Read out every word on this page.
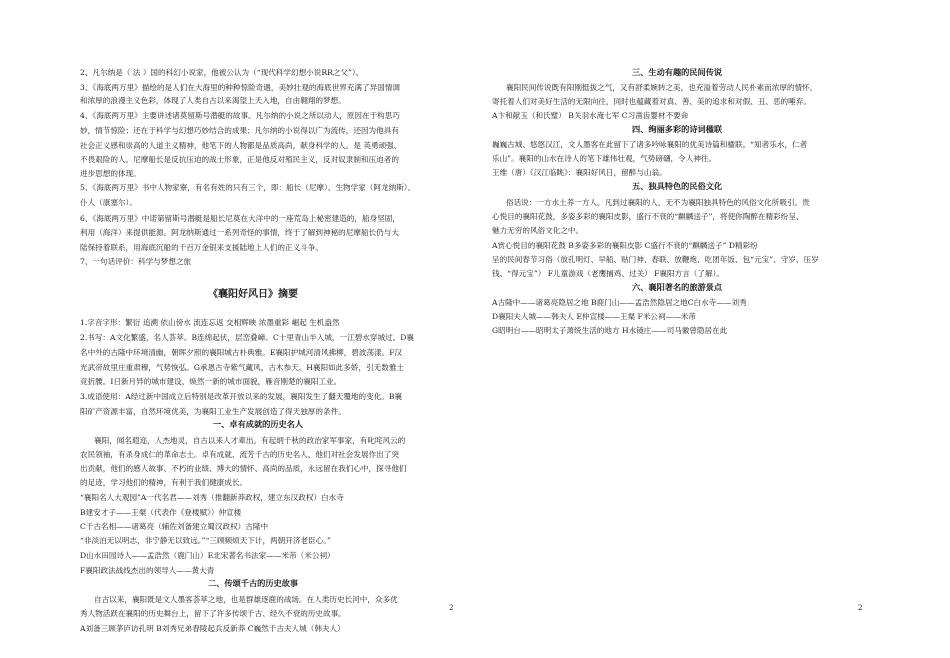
2、凡尔纳是（ 法 ）国的科幻小说家，他被公认为（“现代科学幻想小说RR之父”）。
3、《海底两万里》描绘的是人们在大海里的种种惊险奇遇，美妙壮观的海底世界充满了异国情调
和浓厚的浪漫主义色彩，体现了人类自古以来渴望上天入地，自由翱翔的梦想。
4、《海底两万里》主要讲述诸莫留斯号潜艇的故事。凡尔纳的小说之所以动人，原因在于构思巧
妙，情节惊险；还在于科学与幻想巧妙结合的成果；凡尔纳的小说得以广为流传，还因为他具有
社会正义感和崇高的人道主义精神，他笔下的人物都是品质高尚，献身科学的人。是 英勇顽强、
不畏艰险的人。尼摩船长是反抗压迫的战士形象，正是他反对殖民主义，反对奴隶制和压迫者的
进步思想的体现。
5、《海底两万里》书中人物家寮，有名有姓的只有三个，即：船长（尼摩）、生物学家（阿龙纳斯）、
仆人（康塞尔）。
6、《海底两万里》中诺第留斯号潜艇是船长尼莫在大洋中的一座荒岛上秘密建造的，船身坚固，
利用（海洋）来提供能源。阿龙纳斯通过一系列奇怪的事情，终于了解到神秘的尼摩船长仍与大
陆保持着联系，用海底沉船的千百万金银来支援陆地上人们的正义斗争。
7、一句话评价：科学与梦想之旅
《襄阳好风日》摘要
1.字音字形：繁衍 追溯 依山傍水 流连忘返 交相辉映 浓墨重彩 崛起 生机盎然
2.书写：A文化繁盛，名人荟萃。B连绵起伏，层峦叠嶂。C十里青山半入城，一江碧水穿城过。D襄
名中外的古隆中环境清幽，朝晖夕照的襄阳城古朴典雅。E襄阳护城河清风拂柳，碧波荡漾。F汉
光武帝故里庄重肃穆，气势恢弘。G承恩古寺紫气藏风，古木参天。H襄阳如此多娇，引无数雅士
竞折腰。I日新月异的城市建设，焕然一新的城市面貌，雁音刚楚的襄阳工业。
3.成语使用：A经过新中国成立后特别是改革开放以来的发展，襄阳发生了翻天覆地的变化。B襄
阳矿产资源丰富，自然环境优美，为襄阳工业生产发展创造了得天独厚的条件。
一、卓有成就的历史名人
襄阳，闻名遐迩，人杰地灵，自古以来人才辈出。有起炳千秋的政治家军事家，有叱咤风云的
农民领袖，有杀身成仁的革命志士。卓有成就、流芳千古的历史名人，他们对社会发展作出了突
出贡献，他们的感人故事、不朽的业绩、博大的情怀、高尚的品质，永远留在我们心中，探寻他们
的足迹，学习他们的精神，有利于我们健康成长。
“襄阳名人大观园”A一代名君——刘秀（推翻新莽政权，建立东汉政权）白水寺
B建安才子——王粲（代表作《登楼赋》）仲宣楼
C千古名相——诸葛亮（辅佐刘备建立蜀汉政权）古隆中
“非淡泊无以明志，非宁静无以致远。”“三顾频烦天下计，两朝开济老臣心。”
D山水田园诗人——孟浩然（鹿门山）E北宋著名书法家——米芾（米公祠）
F襄阳政法战线杰出的领导人——黄大青
二、传颂千古的历史故事
自古以来，襄阳既是文人墨客荟萃之地，也是群雄逐鹿的战场。在人类历史长河中，众多优
秀人物活跃在襄阳的历史舞台上，留下了许多传颂千古、经久不衰的历史故事。
A刘备三顾茅庐访孔明 B刘秀兄弟舂陵起兵反新莽 C巍然千古夫人城（韩夫人）
三、生动有趣的民间传说
襄阳民间传说既有阳刚挺拔之气，又有舒柔婉转之美，也充溢着劳动人民朴素而浓厚的情怀，
寄托着人们对美好生活的无限向往，同时也蕴藏着对真、善、美的追求和对假、丑、恶的唾弃。
A卞和献玉（和氏璧） B关羽水淹七军 C习凿齿婴材不要命
四、绚丽多彩的诗词楹联
巍巍古城、悠悠汉江，文人墨客在此留下了诸多吟咏襄阳的优美诗篇和楹联。“知者乐水，仁者
乐山”。襄阳的山水在诗人的笔下雄伟壮观，气势磅礴，令人神往。
王维（唐）《汉江临眺》：襄阳好风日，留醉与山翁。
五、独具特色的民俗文化
俗话说：一方水土养一方人。凡到过襄阳的人，无不为襄阳独具特色的风俗文化所吸引。贵
心悦目的襄阳花鼓，多姿多彩的襄阳皮影，盛行不衰的“麒麟送子”，将使你陶醉在精彩纷呈、
魅力无穷的风俗文化之中。
A赏心悦目的襄阳花鼓 B多姿多彩的襄阳皮影 C盛行不衰的“麒麟送子” D精彩纷
呈的民间春节习俗（放孔明灯、早船、贴门神、春联、放鞭炮、吃团年饭、包“元宝”、守岁、压岁
钱、“得元宝”） F儿童游戏（老鹰捕鸡、过关） F襄阳方言（了解）。
六、襄阳著名的旅游景点
A古隆中——诸葛亮隐居之地 B鹿门山——孟浩然隐居之地C白水寺——刘秀
D襄阳夫人城——韩夫人 E仲宣楼——王粲 F米公祠——米芾
G昭明台——昭明太子萧统生活的地方 H水镜庄——司马徽曾隐居在此
2	2
